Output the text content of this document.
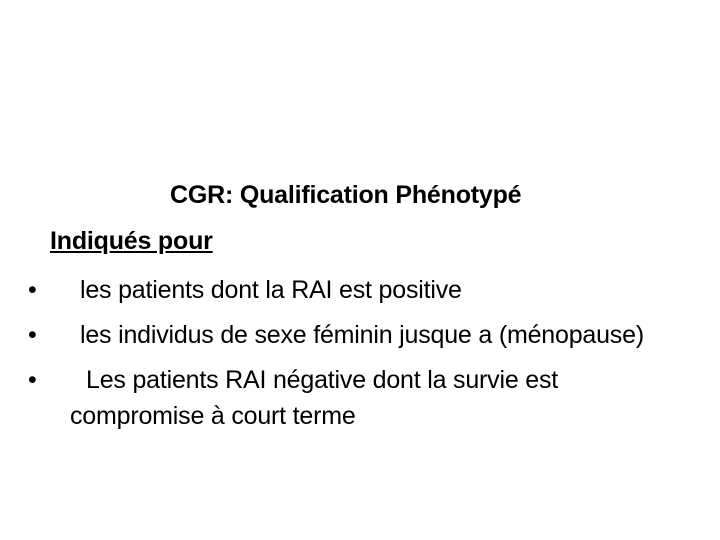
CGR: Qualification Phénotypé
Indiqués pour
•	les patients dont la RAI est positive
•	les individus de sexe féminin jusque a (ménopause)
•	Les patients RAI négative dont la survie est compromise à court terme
